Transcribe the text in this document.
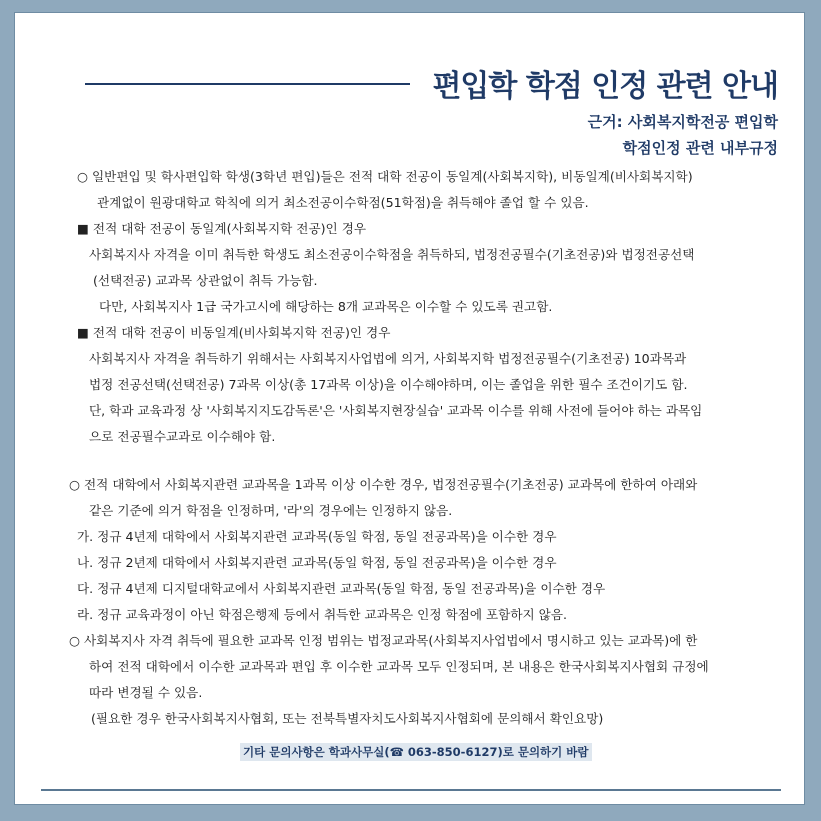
편입학 학점 인정 관련 안내
근거: 사회복지학전공 편입학
학점인정 관련 내부규정
○ 일반편입 및 학사편입학 학생(3학년 편입)들은 전적 대학 전공이 동일계(사회복지학), 비동일계(비사회복지학)
관계없이 원광대학교 학칙에 의거 최소전공이수학점(51학점)을 취득해야 졸업 할 수 있음.
■ 전적 대학 전공이 동일계(사회복지학 전공)인 경우
사회복지사 자격을 이미 취득한 학생도 최소전공이수학점을 취득하되, 법정전공필수(기초전공)와 법정전공선택
(선택전공) 교과목 상관없이 취득 가능함.
다만, 사회복지사 1급 국가고시에 해당하는 8개 교과목은 이수할 수 있도록 권고함.
■ 전적 대학 전공이 비동일계(비사회복지학 전공)인 경우
사회복지사 자격을 취득하기 위해서는 사회복지사업법에 의거, 사회복지학 법정전공필수(기초전공) 10과목과
법정 전공선택(선택전공) 7과목 이상(총 17과목 이상)을 이수해야하며, 이는 졸업을 위한 필수 조건이기도 함.
단, 학과 교육과정 상 '사회복지지도감독론'은 '사회복지현장실습' 교과목 이수를 위해 사전에 들어야 하는 과목임
으로 전공필수교과로 이수해야 함.
○ 전적 대학에서 사회복지관련 교과목을 1과목 이상 이수한 경우, 법정전공필수(기초전공) 교과목에 한하여 아래와
같은 기준에 의거 학점을 인정하며, '라'의 경우에는 인정하지 않음.
가. 정규 4년제 대학에서 사회복지관련 교과목(동일 학점, 동일 전공과목)을 이수한 경우
나. 정규 2년제 대학에서 사회복지관련 교과목(동일 학점, 동일 전공과목)을 이수한 경우
다. 정규 4년제 디지털대학교에서 사회복지관련 교과목(동일 학점, 동일 전공과목)을 이수한 경우
라. 정규 교육과정이 아닌 학점은행제 등에서 취득한 교과목은 인정 학점에 포함하지 않음.
○ 사회복지사 자격 취득에 필요한 교과목 인정 범위는 법정교과목(사회복지사업법에서 명시하고 있는 교과목)에 한
하여 전적 대학에서 이수한 교과목과 편입 후 이수한 교과목 모두 인정되며, 본 내용은 한국사회복지사협회 규정에
따라 변경될 수 있음.
(필요한 경우 한국사회복지사협회, 또는 전북특별자치도사회복지사협회에 문의해서 확인요망)
기타 문의사항은 학과사무실(☎ 063-850-6127)로 문의하기 바람
